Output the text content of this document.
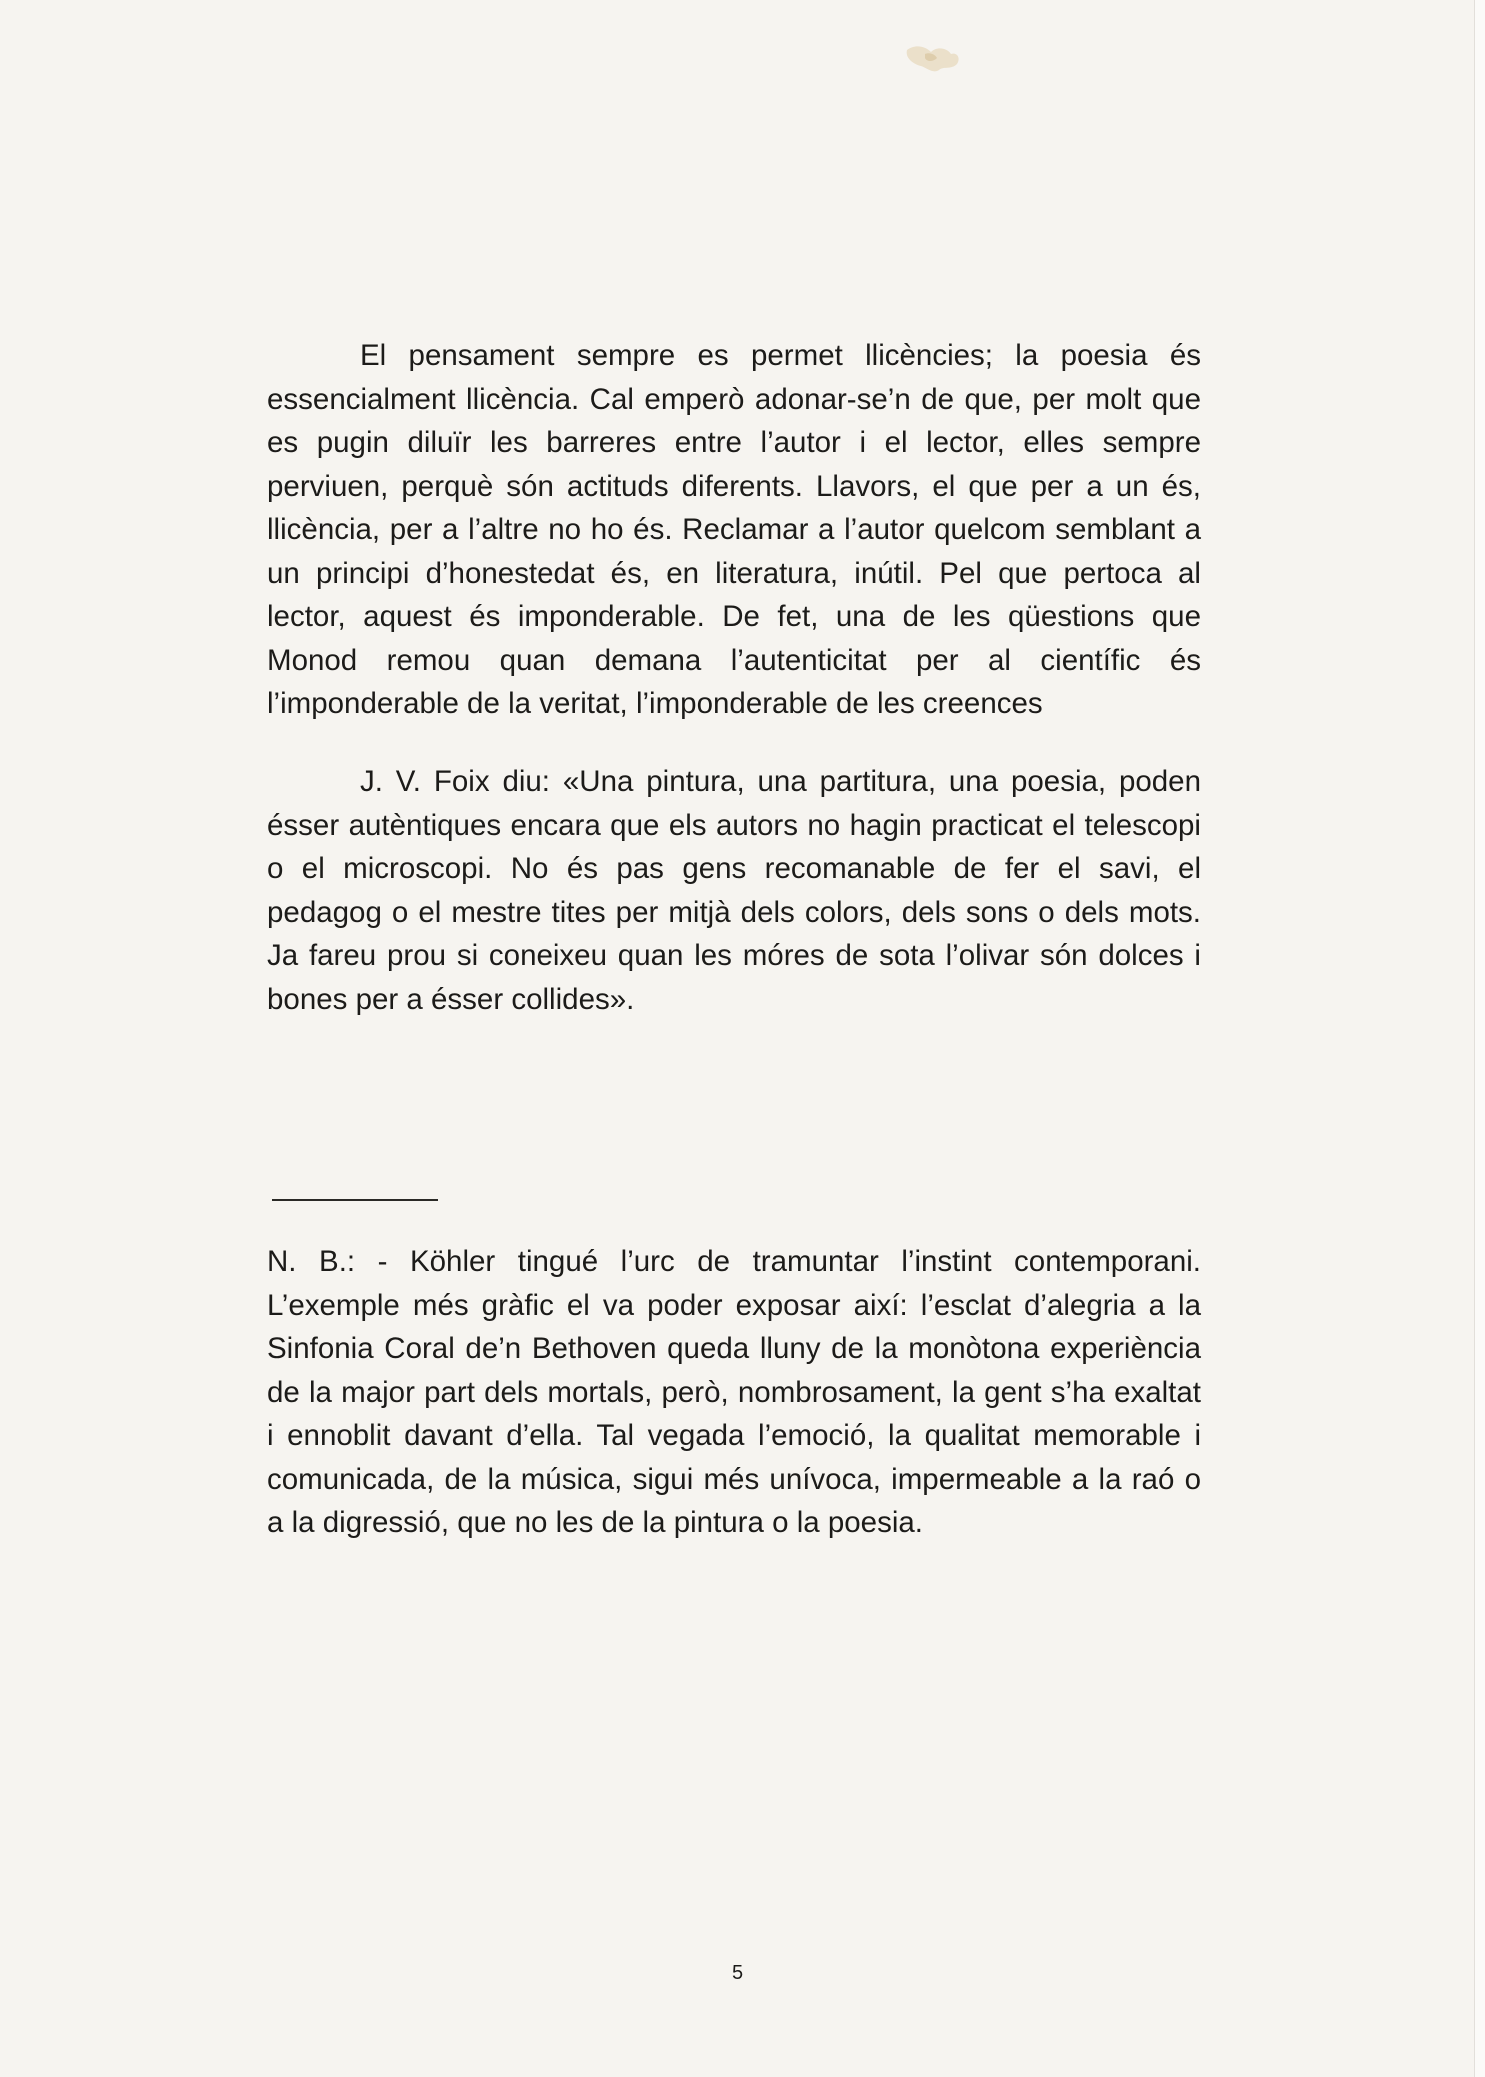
El pensament sempre es permet llicències; la poesia és essencialment llicència. Cal emperò adonar-se’n de que, per molt que es pugin diluïr les barreres entre l’autor i el lector, elles sempre perviuen, perquè són actituds diferents. Llavors, el que per a un és, llicència, per a l’altre no ho és. Reclamar a l’autor quelcom semblant a un principi d’honestedat és, en literatura, inútil. Pel que pertoca al lector, aquest és imponderable. De fet, una de les qüestions que Monod remou quan demana l’autenticitat per al científic és l’imponderable de la veritat, l’imponderable de les creences

J. V. Foix diu: «Una pintura, una partitura, una poesia, poden ésser autèntiques encara que els autors no hagin practicat el telescopi o el microscopi. No és pas gens recomanable de fer el savi, el pedagog o el mestre tites per mitjà dels colors, dels sons o dels mots. Ja fareu prou si coneixeu quan les móres de sota l’olivar són dolces i bones per a ésser collides».

N. B.: - Köhler tingué l’urc de tramuntar l’instint contemporani. L’exemple més gràfic el va poder exposar així: l’esclat d’alegria a la Sinfonia Coral de’n Bethoven queda lluny de la monòtona experiència de la major part dels mortals, però, nombrosament, la gent s’ha exaltat i ennoblit davant d’ella. Tal vegada l’emoció, la qualitat memorable i comunicada, de la música, sigui més unívoca, impermeable a la raó o a la digressió, que no les de la pintura o la poesia.

5
